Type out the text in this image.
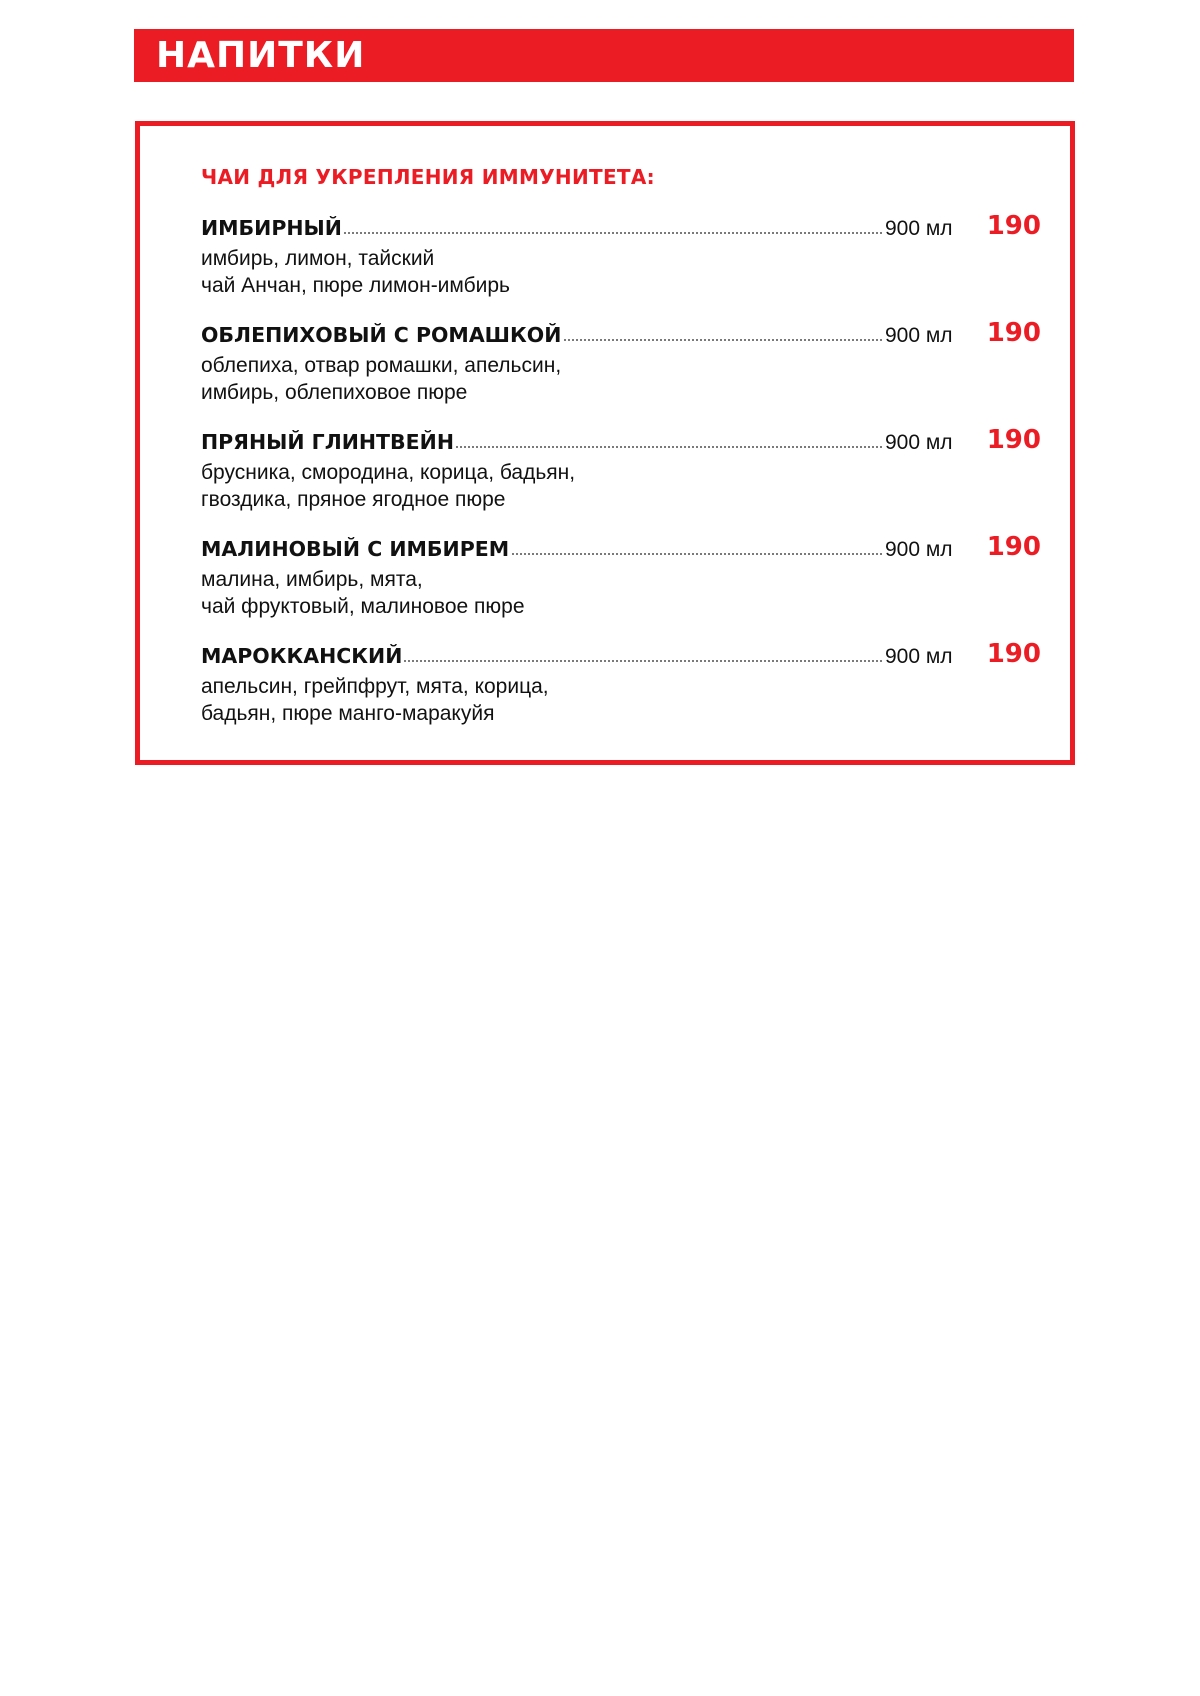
НАПИТКИ
ЧАИ ДЛЯ УКРЕПЛЕНИЯ ИММУНИТЕТА:
ИМБИРНЫЙ	900 мл 190
имбирь, лимон, тайский
чай Анчан, пюре лимон-имбирь
ОБЛЕПИХОВЫЙ С РОМАШКОЙ	900 мл 190
облепиха, отвар ромашки, апельсин,
имбирь, облепиховое пюре
ПРЯНЫЙ ГЛИНТВЕЙН	900 мл 190
брусника, смородина, корица, бадьян,
гвоздика, пряное ягодное пюре
МАЛИНОВЫЙ С ИМБИРЕМ	900 мл 190
малина, имбирь, мята,
чай фруктовый, малиновое пюре
МАРОККАНСКИЙ	900 мл 190
апельсин, грейпфрут, мята, корица,
бадьян, пюре манго-маракуйя
